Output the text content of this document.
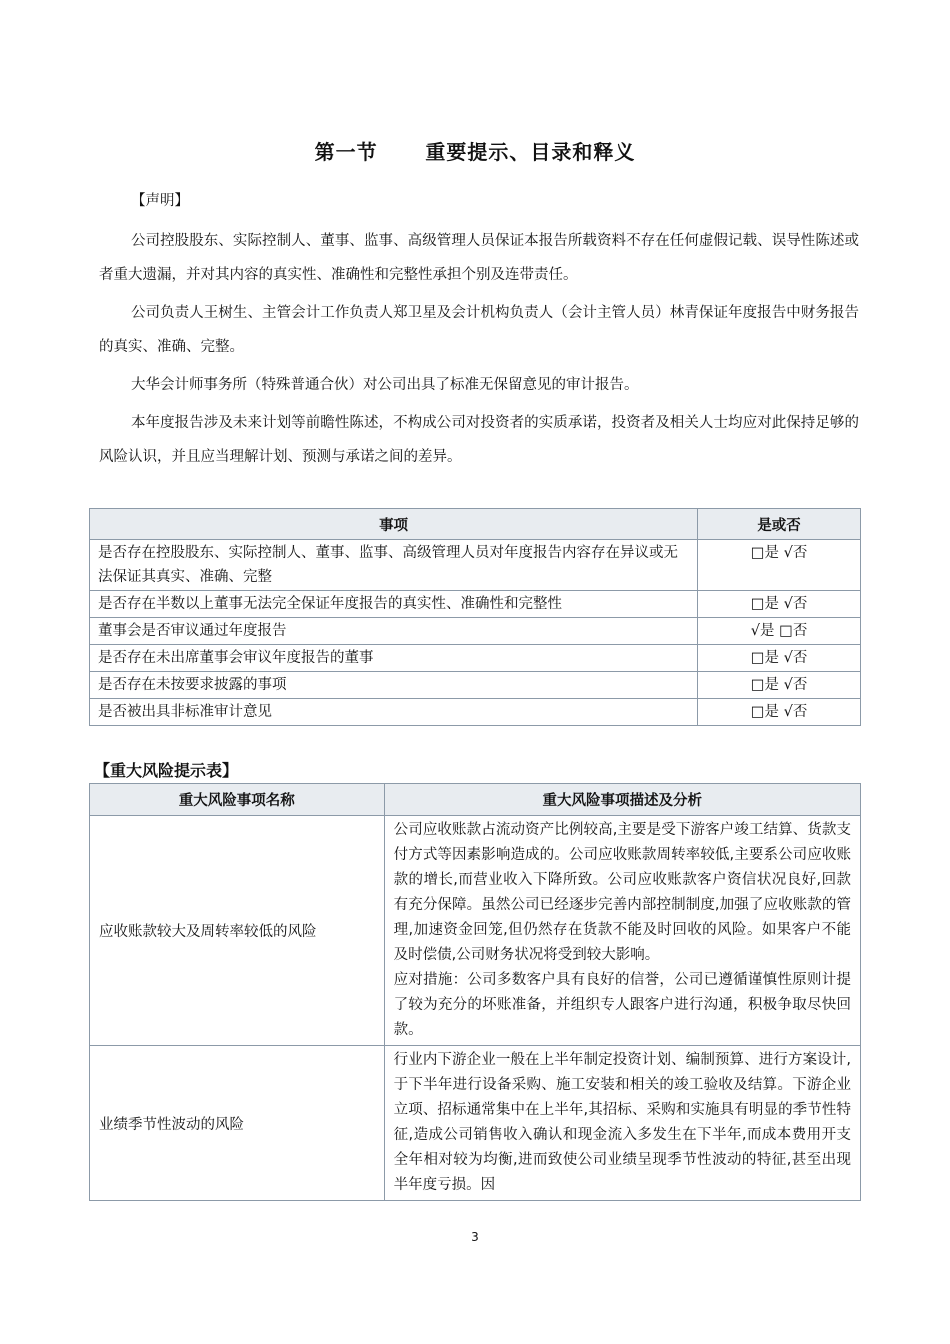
第一节      重要提示、目录和释义

【声明】

公司控股股东、实际控制人、董事、监事、高级管理人员保证本报告所载资料不存在任何虚假记载、误导性陈述或者重大遗漏，并对其内容的真实性、准确性和完整性承担个别及连带责任。

公司负责人王树生、主管会计工作负责人郑卫星及会计机构负责人（会计主管人员）林青保证年度报告中财务报告的真实、准确、完整。

大华会计师事务所（特殊普通合伙）对公司出具了标准无保留意见的审计报告。

本年度报告涉及未来计划等前瞻性陈述，不构成公司对投资者的实质承诺，投资者及相关人士均应对此保持足够的风险认识，并且应当理解计划、预测与承诺之间的差异。

事项	是或否
是否存在控股股东、实际控制人、董事、监事、高级管理人员对年度报告内容存在异议或无法保证其真实、准确、完整	□是 √否
是否存在半数以上董事无法完全保证年度报告的真实性、准确性和完整性	□是 √否
董事会是否审议通过年度报告	√是 □否
是否存在未出席董事会审议年度报告的董事	□是 √否
是否存在未按要求披露的事项	□是 √否
是否被出具非标准审计意见	□是 √否
【重大风险提示表】
重大风险事项名称	重大风险事项描述及分析
应收账款较大及周转率较低的风险	公司应收账款占流动资产比例较高,主要是受下游客户竣工结算、货款支付方式等因素影响造成的。公司应收账款周转率较低,主要系公司应收账款的增长,而营业收入下降所致。公司应收账款客户资信状况良好,回款有充分保障。虽然公司已经逐步完善内部控制制度,加强了应收账款的管理,加速资金回笼,但仍然存在货款不能及时回收的风险。如果客户不能及时偿债,公司财务状况将受到较大影响。

应对措施：公司多数客户具有良好的信誉，公司已遵循谨慎性原则计提了较为充分的坏账准备，并组织专人跟客户进行沟通，积极争取尽快回款。

业绩季节性波动的风险	行业内下游企业一般在上半年制定投资计划、编制预算、进行方案设计,于下半年进行设备采购、施工安装和相关的竣工验收及结算。下游企业立项、招标通常集中在上半年,其招标、采购和实施具有明显的季节性特征,造成公司销售收入确认和现金流入多发生在下半年,而成本费用开支全年相对较为均衡,进而致使公司业绩呈现季节性波动的特征,甚至出现半年度亏损。因

3
